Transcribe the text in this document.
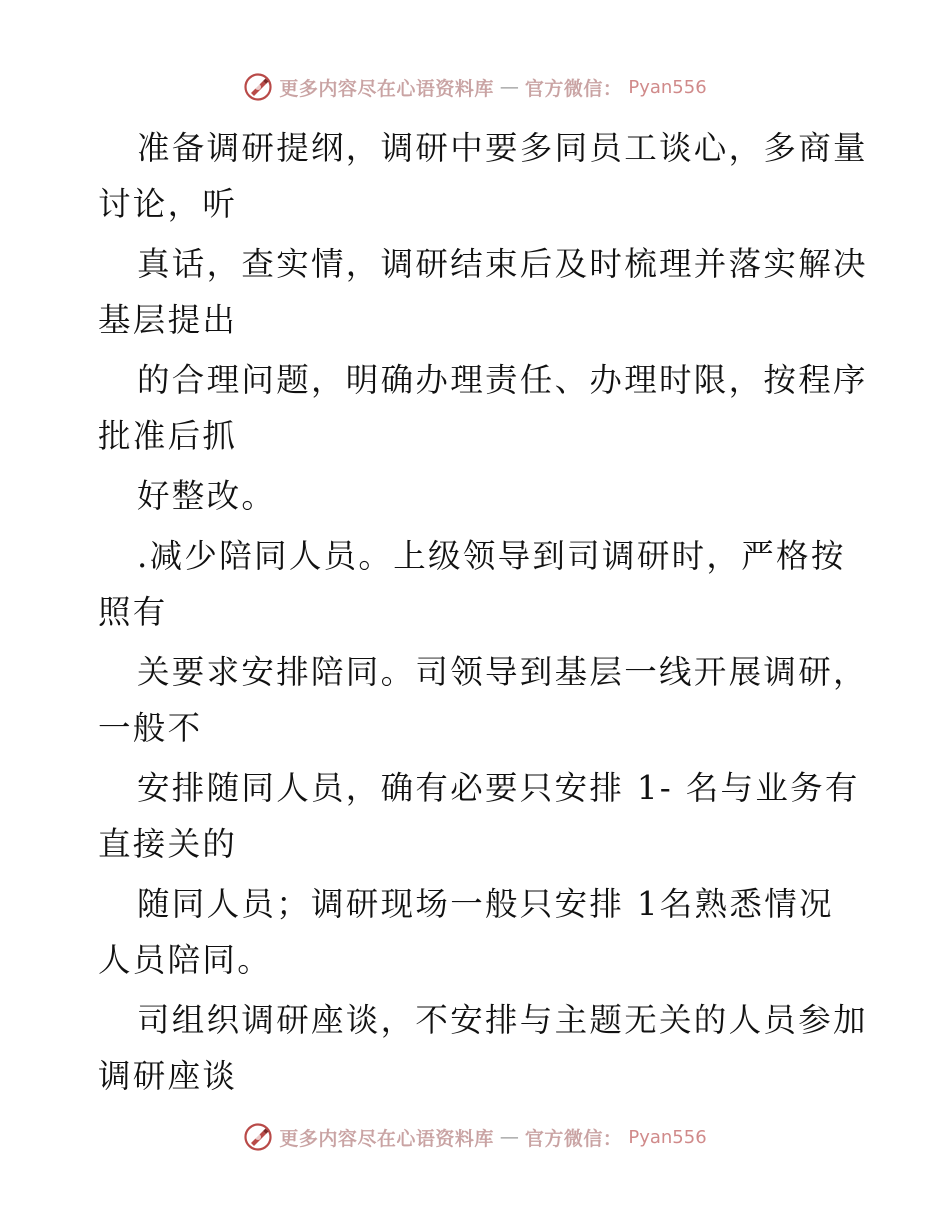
更多内容尽在心语资料库 — 官方微信： Pyan556
准备调研提纲，调研中要多同员工谈心，多商量
讨论，听
真话，查实情，调研结束后及时梳理并落实解决
基层提出
的合理问题，明确办理责任、办理时限，按程序
批准后抓
好整改。
.减少陪同人员。上级领导到司调研时，严格按
照有
关要求安排陪同。司领导到基层一线开展调研，
一般不
安排随同人员，确有必要只安排 1- 名与业务有
直接关的
随同人员；调研现场一般只安排 1名熟悉情况
人员陪同。
司组织调研座谈，不安排与主题无关的人员参加
调研座谈
更多内容尽在心语资料库 — 官方微信： Pyan556
